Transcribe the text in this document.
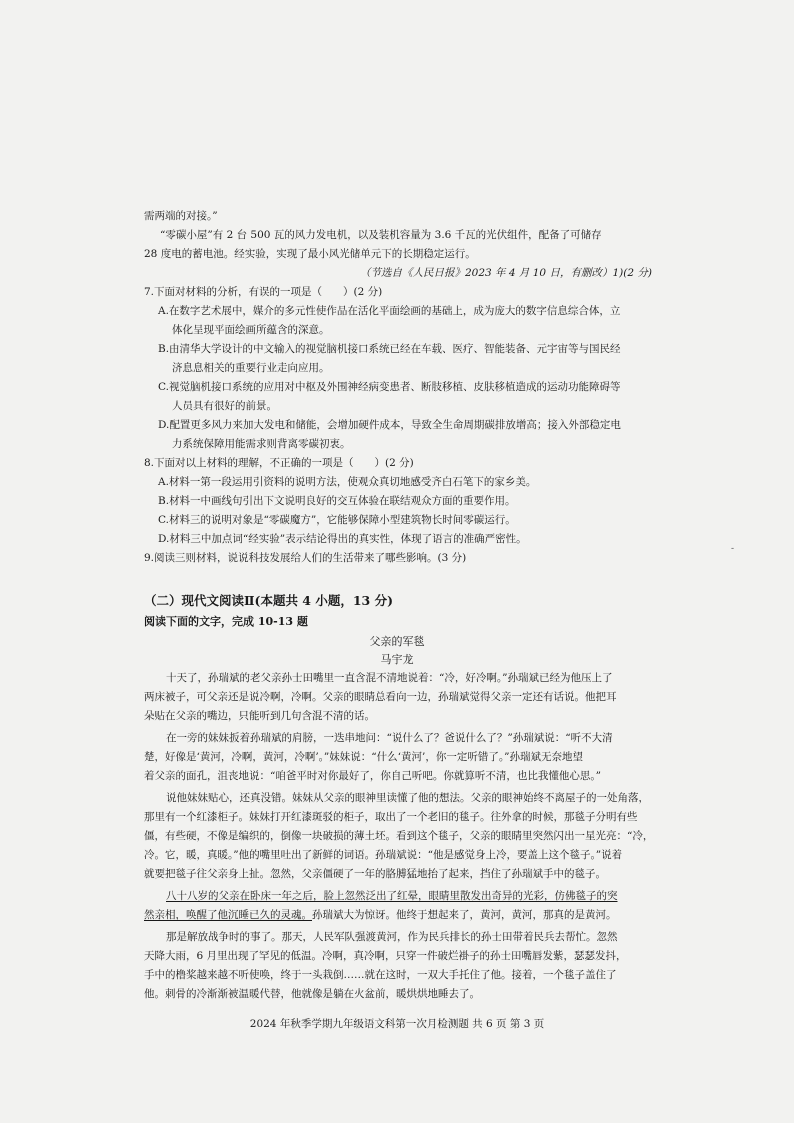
需两端的对接。”
“零碳小屋”有 2 台 500 瓦的风力发电机，以及装机容量为 3.6 千瓦的光伏组件，配备了可储存
28 度电的蓄电池。经实验，实现了最小风光储单元下的长期稳定运行。
（节选自《人民日报》2023 年 4 月 10 日，有删改）1)(2 分)
7.下面对材料的分析，有误的一项是（　　）(2 分)
A.在数字艺术展中，媒介的多元性使作品在活化平面绘画的基础上，成为庞大的数字信息综合体，立
体化呈现平面绘画所蕴含的深意。
B.由清华大学设计的中文输入的视觉脑机接口系统已经在车载、医疗、智能装备、元宇宙等与国民经
济息息相关的重要行业走向应用。
C.视觉脑机接口系统的应用对中枢及外围神经病变患者、断肢移植、皮肤移植造成的运动功能障碍等
人员具有很好的前景。
D.配置更多风力来加大发电和储能，会增加硬件成本，导致全生命周期碳排放增高；接入外部稳定电
力系统保障用能需求则背离零碳初衷。
8.下面对以上材料的理解，不正确的一项是（　　）(2 分)
A.材料一第一段运用引资料的说明方法，使观众真切地感受齐白石笔下的家乡美。
B.材料一中画线句引出下文说明良好的交互体验在联结观众方面的重要作用。
C.材料三的说明对象是“零碳魔方”，它能够保障小型建筑物长时间零碳运行。
D.材料三中加点词“经实验”表示结论得出的真实性，体现了语言的准确严密性。
9.阅读三则材料，说说科技发展给人们的生活带来了哪些影响。(3 分)
-
（二）现代文阅读Ⅱ(本题共 4 小题，13 分)
阅读下面的文字，完成 10-13 题
父亲的军毯
马宇龙
十天了，孙瑞斌的老父亲孙士田嘴里一直含混不清地说着：“冷，好冷啊。”孙瑞斌已经为他压上了
两床被子，可父亲还是说冷啊，冷啊。父亲的眼睛总看向一边，孙瑞斌觉得父亲一定还有话说。他把耳
朵贴在父亲的嘴边，只能听到几句含混不清的话。
在一旁的妹妹扳着孙瑞斌的肩膀，一迭串地问：“说什么了？爸说什么了？”孙瑞斌说：“听不大清
楚，好像是‘黄河，冷啊，黄河，冷啊’。”妹妹说：“什么‘黄河’，你一定听错了。”孙瑞斌无奈地望
着父亲的面孔，沮丧地说：“咱爸平时对你最好了，你自己听吧。你就算听不清，也比我懂他心思。”
说他妹妹贴心，还真没错。妹妹从父亲的眼神里读懂了他的想法。父亲的眼神始终不离屋子的一处角落，
那里有一个红漆柜子。妹妹打开红漆斑驳的柜子，取出了一个老旧的毯子。往外拿的时候，那毯子分明有些
僵，有些硬，不像是编织的，倒像一块破损的薄土坯。看到这个毯子，父亲的眼睛里突然闪出一星光亮：“冷，
冷。它，暖，真暖。”他的嘴里吐出了新鲜的词语。孙瑞斌说：“他是感觉身上冷，要盖上这个毯子。”说着
就要把毯子往父亲身上扯。忽然，父亲僵硬了一年的胳膊猛地抬了起来，挡住了孙瑞斌手中的毯子。
八十八岁的父亲在卧床一年之后，脸上忽然泛出了红晕，眼睛里散发出奇异的光彩，仿佛毯子的突
然亲相，唤醒了他沉睡已久的灵魂。孙瑞斌大为惊讶。他终于想起来了，黄河，黄河，那真的是黄河。
那是解放战争时的事了。那天，人民军队强渡黄河，作为民兵排长的孙士田带着民兵去帮忙。忽然
天降大雨，6 月里出现了罕见的低温。冷啊，真冷啊，只穿一件破烂褂子的孙士田嘴唇发紫，瑟瑟发抖，
手中的橹桨越来越不听使唤，终于一头栽倒……就在这时，一双大手托住了他。接着，一个毯子盖住了
他。刺骨的冷渐渐被温暖代替，他就像是躺在火盆前，暖烘烘地睡去了。
2024 年秋季学期九年级语文科第一次月检测题 共 6 页 第 3 页
